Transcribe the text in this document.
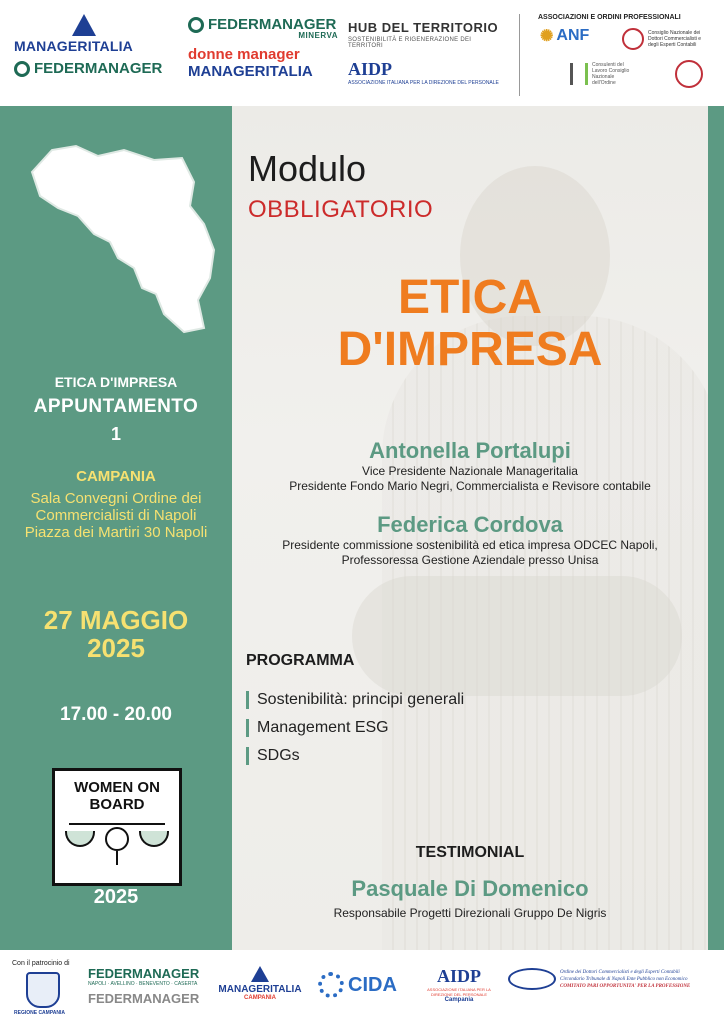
MANAGERITALIA
FEDERMANAGER
FEDERMANAGER
MINERVA
donne manager
MANAGERITALIA
HUB DEL TERRITORIO
SOSTENIBILITÀ E RIGENERAZIONE DEI TERRITORI
AIDP
ASSOCIAZIONE ITALIANA PER LA DIREZIONE DEL PERSONALE
ASSOCIAZIONI E ORDINI PROFESSIONALI
✺ ANF	Consiglio Nazionale dei Dottori Commercialisti e degli Esperti Contabili
Consulenti del Lavoro Consiglio Nazionale dell'Ordine
ETICA D'IMPRESA
APPUNTAMENTO
1
CAMPANIA
Sala Convegni Ordine dei Commercialisti di Napoli Piazza dei Martiri 30 Napoli
27 MAGGIO 2025
17.00 - 20.00
WOMEN ON BOARD
2025
Modulo
OBBLIGATORIO
ETICA
D'IMPRESA
Antonella Portalupi
Vice Presidente Nazionale Manageritalia
Presidente Fondo Mario Negri, Commercialista e Revisore contabile
Federica Cordova
Presidente commissione sostenibilità ed etica impresa ODCEC Napoli,
Professoressa Gestione Aziendale presso Unisa
PROGRAMMA
Sostenibilità: principi generali
Management ESG
SDGs
TESTIMONIAL
Pasquale Di Domenico
Responsabile Progetti Direzionali Gruppo De Nigris
Con il patrocinio di
REGIONE CAMPANIA
FEDERMANAGER
NAPOLI · AVELLINO · BENEVENTO · CASERTA
FEDERMANAGER
MANAGERITALIA
CAMPANIA
CIDA	AIDP
ASSOCIAZIONE ITALIANA PER LA DIREZIONE DEL PERSONALE
Campania
Ordine dei Dottori Commercialisti e degli Esperti Contabili
Circondario Tribunale di Napoli Ente Pubblico non Economico
COMITATO PARI OPPORTUNITA' PER LA PROFESSIONE
